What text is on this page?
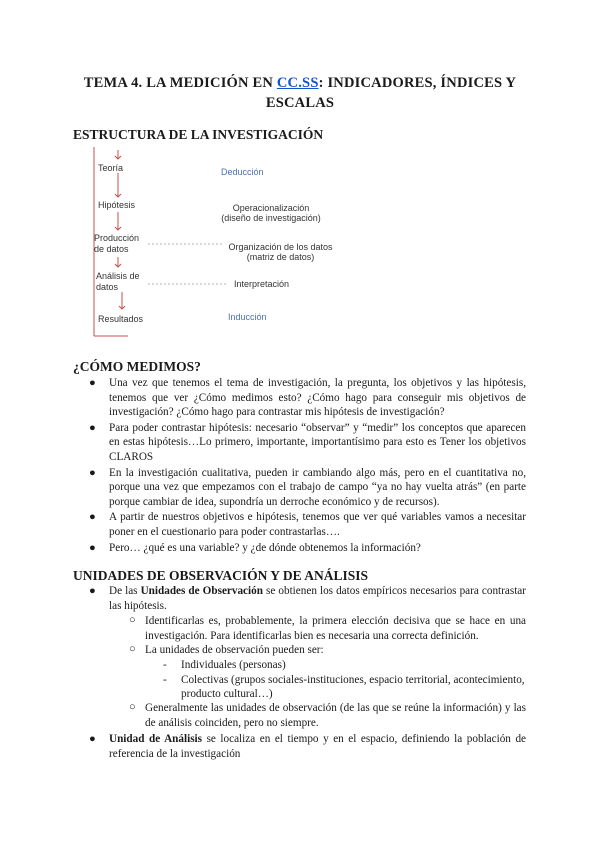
TEMA 4. LA MEDICIÓN EN CC.SS: INDICADORES, ÍNDICES Y
ESCALAS
ESTRUCTURA DE LA INVESTIGACIÓN
Teoría
Hipótesis
Producción
de datos
Análisis de
datos
Resultados
Deducción
Operacionalización
(diseño de investigación)
Organización de los datos
(matriz de datos)
Interpretación
Inducción
¿CÓMO MEDIMOS?
● Una vez que tenemos el tema de investigación, la pregunta, los objetivos y las hipótesis, tenemos que ver ¿Cómo medimos esto? ¿Cómo hago para conseguir mis objetivos de investigación? ¿Cómo hago para contrastar mis hipótesis de investigación?
● Para poder contrastar hipótesis: necesario “observar” y “medir” los conceptos que aparecen en estas hipótesis…Lo primero, importante, importantísimo para esto es Tener los objetivos CLAROS
● En la investigación cualitativa, pueden ir cambiando algo más, pero en el cuantitativa no, porque una vez que empezamos con el trabajo de campo “ya no hay vuelta atrás” (en parte porque cambiar de idea, supondría un derroche económico y de recursos).
● A partir de nuestros objetivos e hipótesis, tenemos que ver qué variables vamos a necesitar poner en el cuestionario para poder contrastarlas….
● Pero… ¿qué es una variable? y ¿de dónde obtenemos la información?
UNIDADES DE OBSERVACIÓN Y DE ANÁLISIS
● De las Unidades de Observación se obtienen los datos empíricos necesarios para contrastar las hipótesis.
○ Identificarlas es, probablemente, la primera elección decisiva que se hace en una investigación. Para identificarlas bien es necesaria una correcta definición.
○ La unidades de observación pueden ser:
- Individuales (personas)
- Colectivas (grupos sociales-instituciones, espacio territorial, acontecimiento, producto cultural…)
○ Generalmente las unidades de observación (de las que se reúne la información) y las de análisis coinciden, pero no siempre.
● Unidad de Análisis se localiza en el tiempo y en el espacio, definiendo la población de referencia de la investigación
